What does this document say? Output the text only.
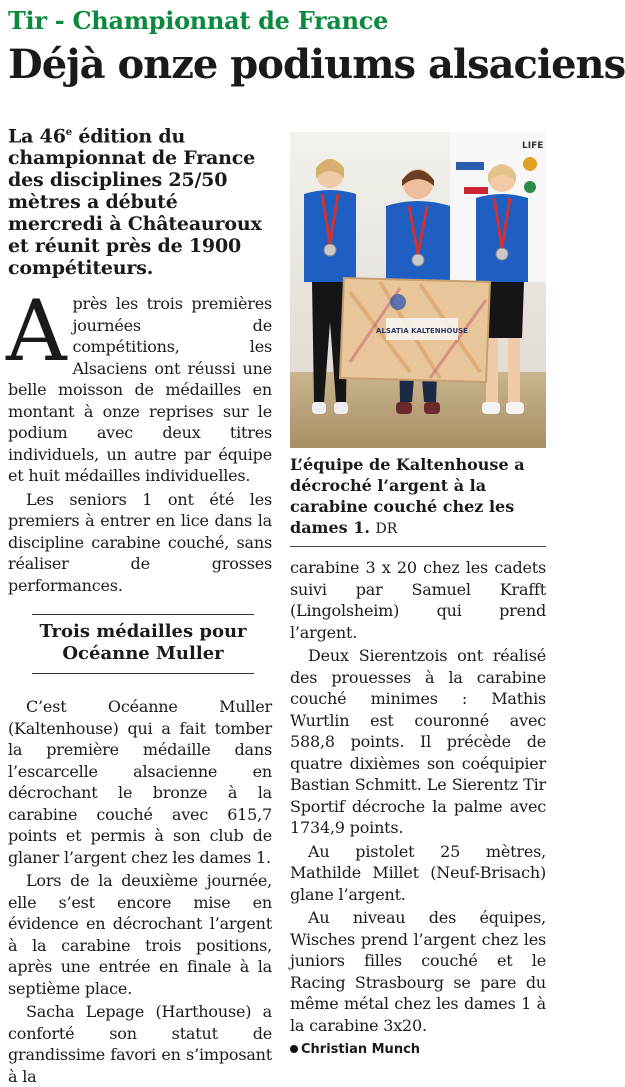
Tir - Championnat de France
Déjà onze podiums alsaciens
La 46e édition du championnat de France des disciplines 25/50 mètres a débuté mercredi à Châteauroux et réunit près de 1900 compétiteurs.

Après les trois premières journées de compétitions, les Alsaciens ont réussi une belle moisson de médailles en montant à onze reprises sur le podium avec deux titres individuels, un autre par équipe et huit médailles individuelles.

Les seniors 1 ont été les premiers à entrer en lice dans la discipline carabine couché, sans réaliser de grosses performances.

Trois médailles pour Océanne Muller

C’est Océanne Muller (Kaltenhouse) qui a fait tomber la première médaille dans l’escarcelle alsacienne en décrochant le bronze à la carabine couché avec 615,7 points et permis à son club de glaner l’argent chez les dames 1.

Lors de la deuxième journée, elle s’est encore mise en évidence en décrochant l’argent à la carabine trois positions, après une entrée en finale à la septième place.

Sacha Lepage (Harthouse) a conforté son statut de grandissime favori en s’imposant à la

LIFE
ALSATIA KALTENHOUSE
L’équipe de Kaltenhouse a décroché l’argent à la carabine couché chez les dames 1. DR

carabine 3 x 20 chez les cadets suivi par Samuel Krafft (Lingolsheim) qui prend l’argent.

Deux Sierentzois ont réalisé des prouesses à la carabine couché minimes : Mathis Wurtlin est couronné avec 588,8 points. Il précède de quatre dixièmes son coéquipier Bastian Schmitt. Le Sierentz Tir Sportif décroche la palme avec 1734,9 points.

Au pistolet 25 mètres, Mathilde Millet (Neuf-Brisach) glane l’argent.

Au niveau des équipes, Wisches prend l’argent chez les juniors filles couché et le Racing Strasbourg se pare du même métal chez les dames 1 à la carabine 3x20.

Christian Munch
